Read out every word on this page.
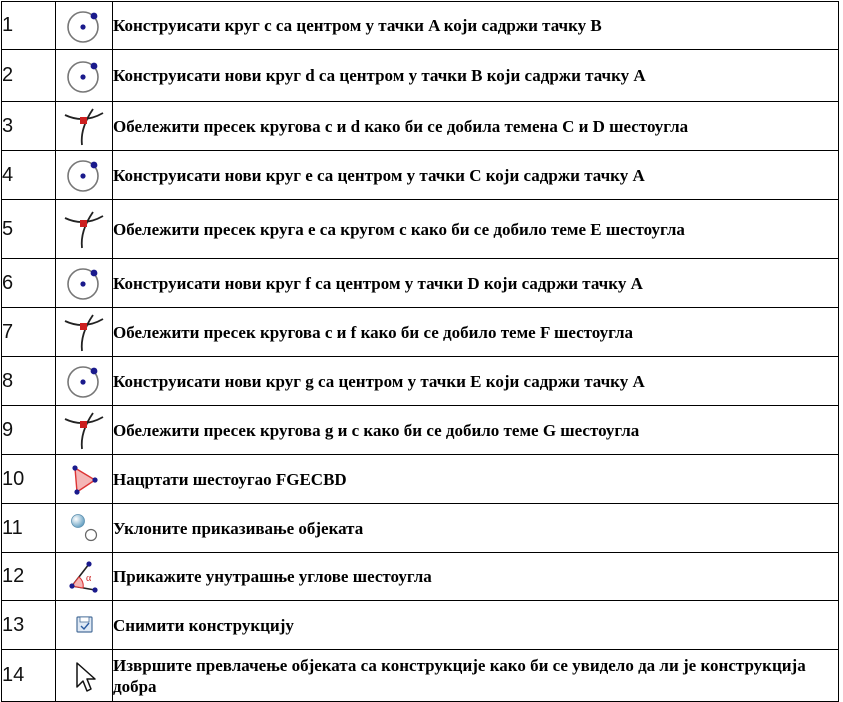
1		Конструисати круг c са центром у тачки A који садржи тачку B
2		Конструисати нови круг d са центром у тачки B који садржи тачку A
3		Обележити пресек кругова c и d како би се добила темена C и D шестоугла
4		Конструисати нови круг e са центром у тачки C који садржи тачку A
5		Обележити пресек круга e са кругом c како би се добило теме E шестоугла
6		Конструисати нови круг f са центром у тачки D који садржи тачку A
7		Обележити пресек кругова c и f како би се добило теме F шестоугла
8		Конструисати нови круг g са центром у тачки E који садржи тачку A
9		Обележити пресек кругова g и c како би се добило теме G шестоугла
10		Нацртати шестоугао FGECBD
11		Уклоните приказивање објеката
12	α	Прикажите унутрашње углове шестоугла
13		Снимити конструкцију
14		Извршите превлачење објеката са конструкције како би се увидело да ли је конструкција добра
